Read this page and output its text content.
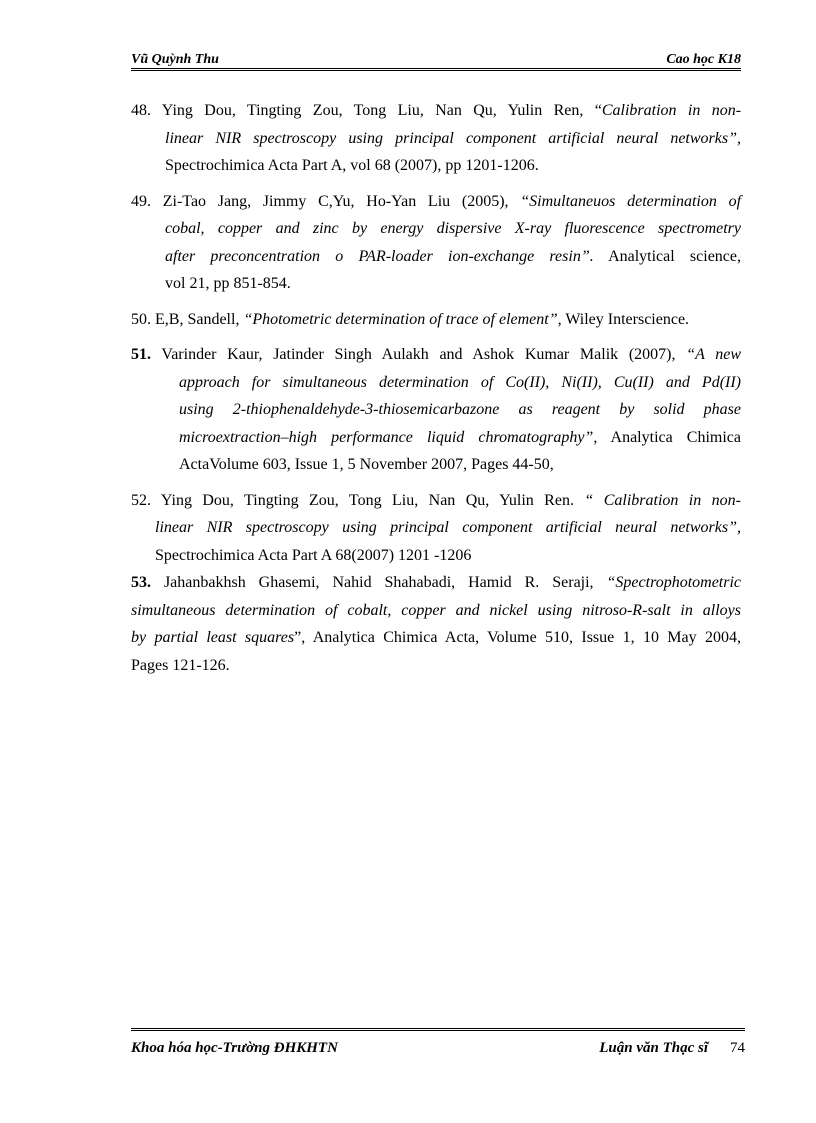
Vũ Quỳnh Thu	Cao học K18
48. Ying Dou, Tingting Zou, Tong Liu, Nan Qu, Yulin Ren, “Calibration in non-
linear NIR spectroscopy using principal component artificial neural networks”,
Spectrochimica Acta Part A, vol 68 (2007), pp 1201-1206.
49. Zi-Tao Jang, Jimmy C,Yu, Ho-Yan Liu (2005), “Simultaneuos determination of
cobal, copper and zinc by energy dispersive X-ray fluorescence spectrometry
after preconcentration o PAR-loader ion-exchange resin”. Analytical science,
vol 21, pp 851-854.
50. E,B, Sandell, “Photometric determination of trace of element”, Wiley Interscience.
51. Varinder Kaur, Jatinder Singh Aulakh and Ashok Kumar Malik (2007), “A new
approach for simultaneous determination of Co(II), Ni(II), Cu(II) and Pd(II)
using 2-thiophenaldehyde-3-thiosemicarbazone as reagent by solid phase
microextraction–high performance liquid chromatography”, Analytica Chimica
ActaVolume 603, Issue 1, 5 November 2007, Pages 44-50,
52. Ying Dou, Tingting Zou, Tong Liu, Nan Qu, Yulin Ren. “ Calibration in non-
linear NIR spectroscopy using principal component artificial neural networks”,
Spectrochimica Acta Part A 68(2007) 1201 -1206
53. Jahanbakhsh Ghasemi, Nahid Shahabadi, Hamid R. Seraji, “Spectrophotometric
simultaneous determination of cobalt, copper and nickel using nitroso-R-salt in alloys
by partial least squares”, Analytica Chimica Acta, Volume 510, Issue 1, 10 May 2004,
Pages 121-126.
Khoa hóa học-Trường ĐHKHTN	Luận văn Thạc sĩ 74
